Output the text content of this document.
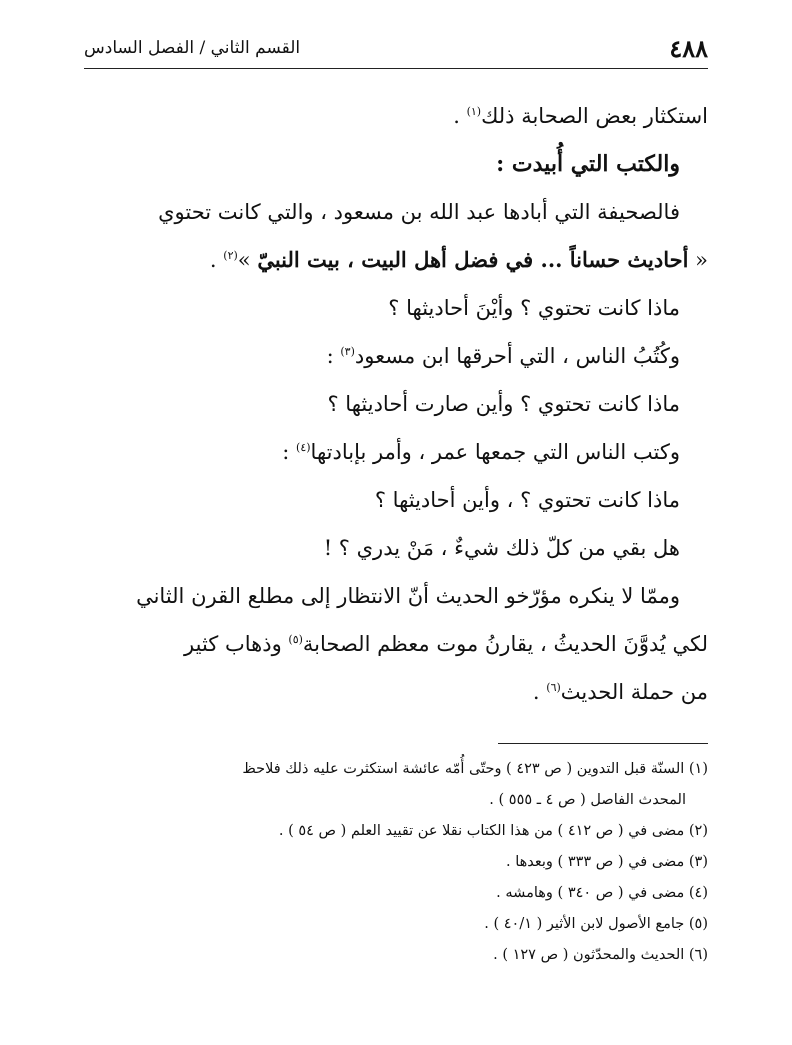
٤٨٨
القسم الثاني / الفصل السادس
استكثار بعض الصحابة ذلك$^{(١)}$ .
والكتب التي أُبيدت :
فالصحيفة التي أبادها عبد الله بن مسعود ، والتي كانت تحتوي
« أحاديث حساناً ... في فضل أهل البيت ، بيت النبيّ »$^{(٢)}$ .
ماذا كانت تحتوي ؟ وأيْنَ أحاديثها ؟
وكُتُبُ الناس ، التي أحرقها ابن مسعود$^{(٣)}$ :
ماذا كانت تحتوي ؟ وأين صارت أحاديثها ؟
وكتب الناس التي جمعها عمر ، وأمر بإبادتها$^{(٤)}$ :
ماذا كانت تحتوي ؟ ، وأين أحاديثها ؟
هل بقي من كلّ ذلك شيءٌ ، مَنْ يدري ؟ !
وممّا لا ينكره مؤرّخو الحديث أنّ الانتظار إلى مطلع القرن الثاني
لكي يُدوَّنَ الحديثُ ، يقارنُ موت معظم الصحابة$^{(٥)}$ وذهاب كثير
من حملة الحديث$^{(٦)}$ .
(١) السنّة قبل التدوين ( ص ٤٢٣ ) وحتّى أُمّه عائشة استكثرت عليه ذلك فلاحظ
المحدث الفاصل ( ص ٤ ـ ٥٥٥ ) .
(٢) مضى في ( ص ٤١٢ ) من هذا الكتاب نقلا عن تقييد العلم ( ص ٥٤ ) .
(٣) مضى في ( ص ٣٣٣ ) وبعدها .
(٤) مضى في ( ص ٣٤٠ ) وهامشه .
(٥) جامع الأصول لابن الأثير ( ٤٠/١ ) .
(٦) الحديث والمحدّثون ( ص ١٢٧ ) .
